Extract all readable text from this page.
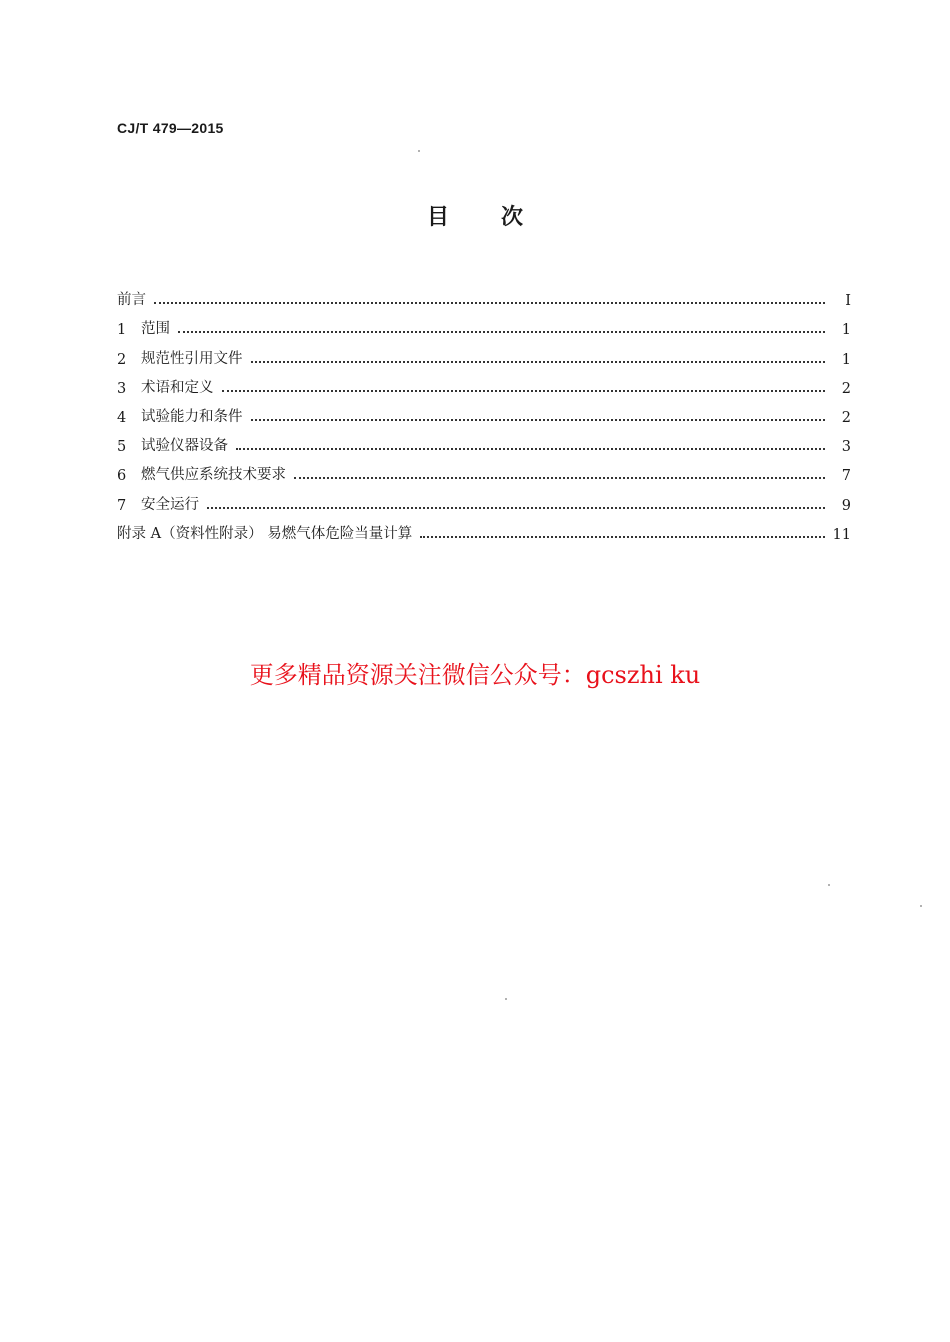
CJ/T 479—2015
目 次
前言	I
1	范围	1
2	规范性引用文件	1
3	术语和定义	2
4	试验能力和条件	2
5	试验仪器设备	3
6	燃气供应系统技术要求	7
7	安全运行	9
附录 A（资料性附录） 易燃气体危险当量计算	11
更多精品资源关注微信公众号：gcszhi ku
